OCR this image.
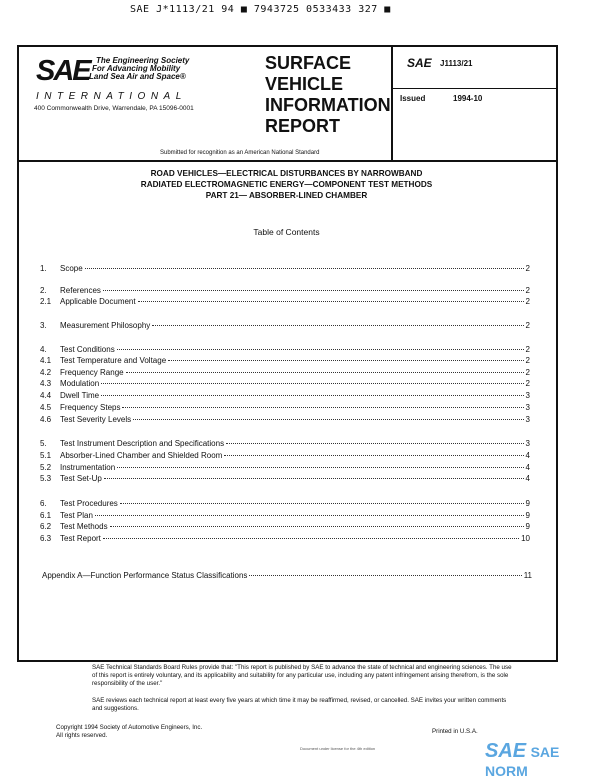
SAE J*1113/21 94 ■ 7943725 0533433 327 ■
SAE The Engineering Society
For Advancing Mobility
Land Sea Air and Space®
INTERNATIONAL
400 Commonwealth Drive, Warrendale, PA 15096-0001
SURFACE
VEHICLE
INFORMATION
REPORT
Submitted for recognition as an American National Standard
SAE J1113/21
Issued	1994-10
ROAD VEHICLES—ELECTRICAL DISTURBANCES BY NARROWBAND
RADIATED ELECTROMAGNETIC ENERGY—COMPONENT TEST METHODS
PART 21— ABSORBER-LINED CHAMBER
Table of Contents
1.	Scope	2
2.	References	2
2.1	Applicable Document	2
3.	Measurement Philosophy	2
4.	Test Conditions	2
4.1	Test Temperature and Voltage	2
4.2	Frequency Range	2
4.3	Modulation	2
4.4	Dwell Time	3
4.5	Frequency Steps	3
4.6	Test Severity Levels	3
5.	Test Instrument Description and Specifications	3
5.1	Absorber-Lined Chamber and Shielded Room	4
5.2	Instrumentation	4
5.3	Test Set-Up	4
6.	Test Procedures	9
6.1	Test Plan	9
6.2	Test Methods	9
6.3	Test Report	10
Appendix A—Function Performance Status Classifications	11
SAE Technical Standards Board Rules provide that: "This report is published by SAE to advance the state of technical and engineering sciences. The use of this report is entirely voluntary, and its applicability and suitability for any particular use, including any patent infringement arising therefrom, is the sole responsibility of the user."
SAE reviews each technical report at least every five years at which time it may be reaffirmed, revised, or cancelled. SAE invites your written comments and suggestions.
Copyright 1994 Society of Automotive Engineers, Inc.
All rights reserved.
Printed in U.S.A.
Document under license for the 4th edition	SAE SAE NORM
